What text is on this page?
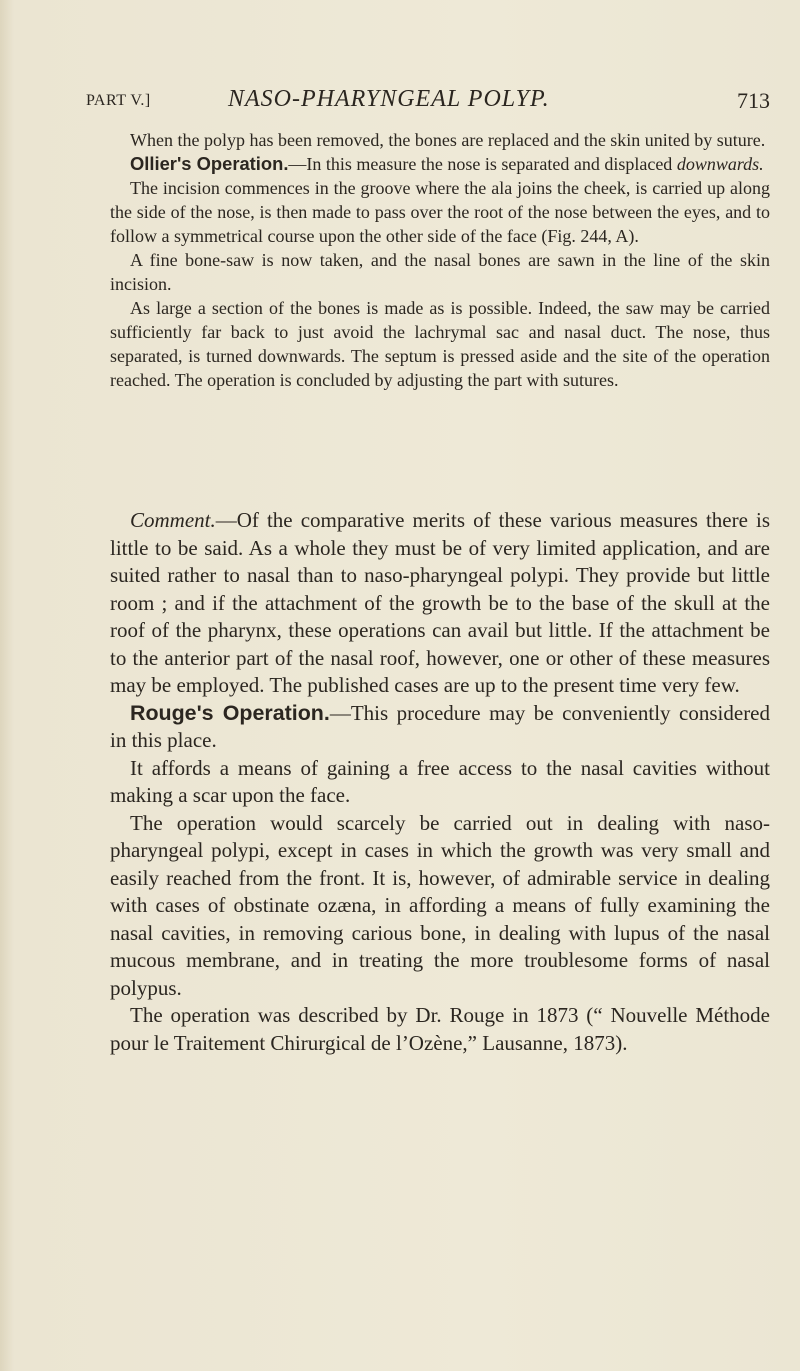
PART V.]	NASO-PHARYNGEAL POLYP.	713

When the polyp has been removed, the bones are replaced and the skin united by suture.

Ollier's Operation.—In this measure the nose is separated and displaced downwards.

The incision commences in the groove where the ala joins the cheek, is carried up along the side of the nose, is then made to pass over the root of the nose between the eyes, and to follow a symmetrical course upon the other side of the face (Fig. 244, A).

A fine bone-saw is now taken, and the nasal bones are sawn in the line of the skin incision.

As large a section of the bones is made as is possible. Indeed, the saw may be carried sufficiently far back to just avoid the lachrymal sac and nasal duct. The nose, thus separated, is turned downwards. The septum is pressed aside and the site of the operation reached. The operation is concluded by adjusting the part with sutures.

Comment.—Of the comparative merits of these various measures there is little to be said. As a whole they must be of very limited application, and are suited rather to nasal than to naso-pharyngeal polypi. They provide but little room ; and if the attachment of the growth be to the base of the skull at the roof of the pharynx, these operations can avail but little. If the attachment be to the anterior part of the nasal roof, however, one or other of these measures may be employed. The published cases are up to the present time very few.

Rouge's Operation.—This procedure may be conveniently considered in this place.

It affords a means of gaining a free access to the nasal cavities without making a scar upon the face.

The operation would scarcely be carried out in dealing with naso-pharyngeal polypi, except in cases in which the growth was very small and easily reached from the front. It is, however, of admirable service in dealing with cases of obstinate ozæna, in affording a means of fully examining the nasal cavities, in removing carious bone, in dealing with lupus of the nasal mucous membrane, and in treating the more troublesome forms of nasal polypus.

The operation was described by Dr. Rouge in 1873 (“ Nouvelle Méthode pour le Traitement Chirurgical de l’Ozène,” Lausanne, 1873).
